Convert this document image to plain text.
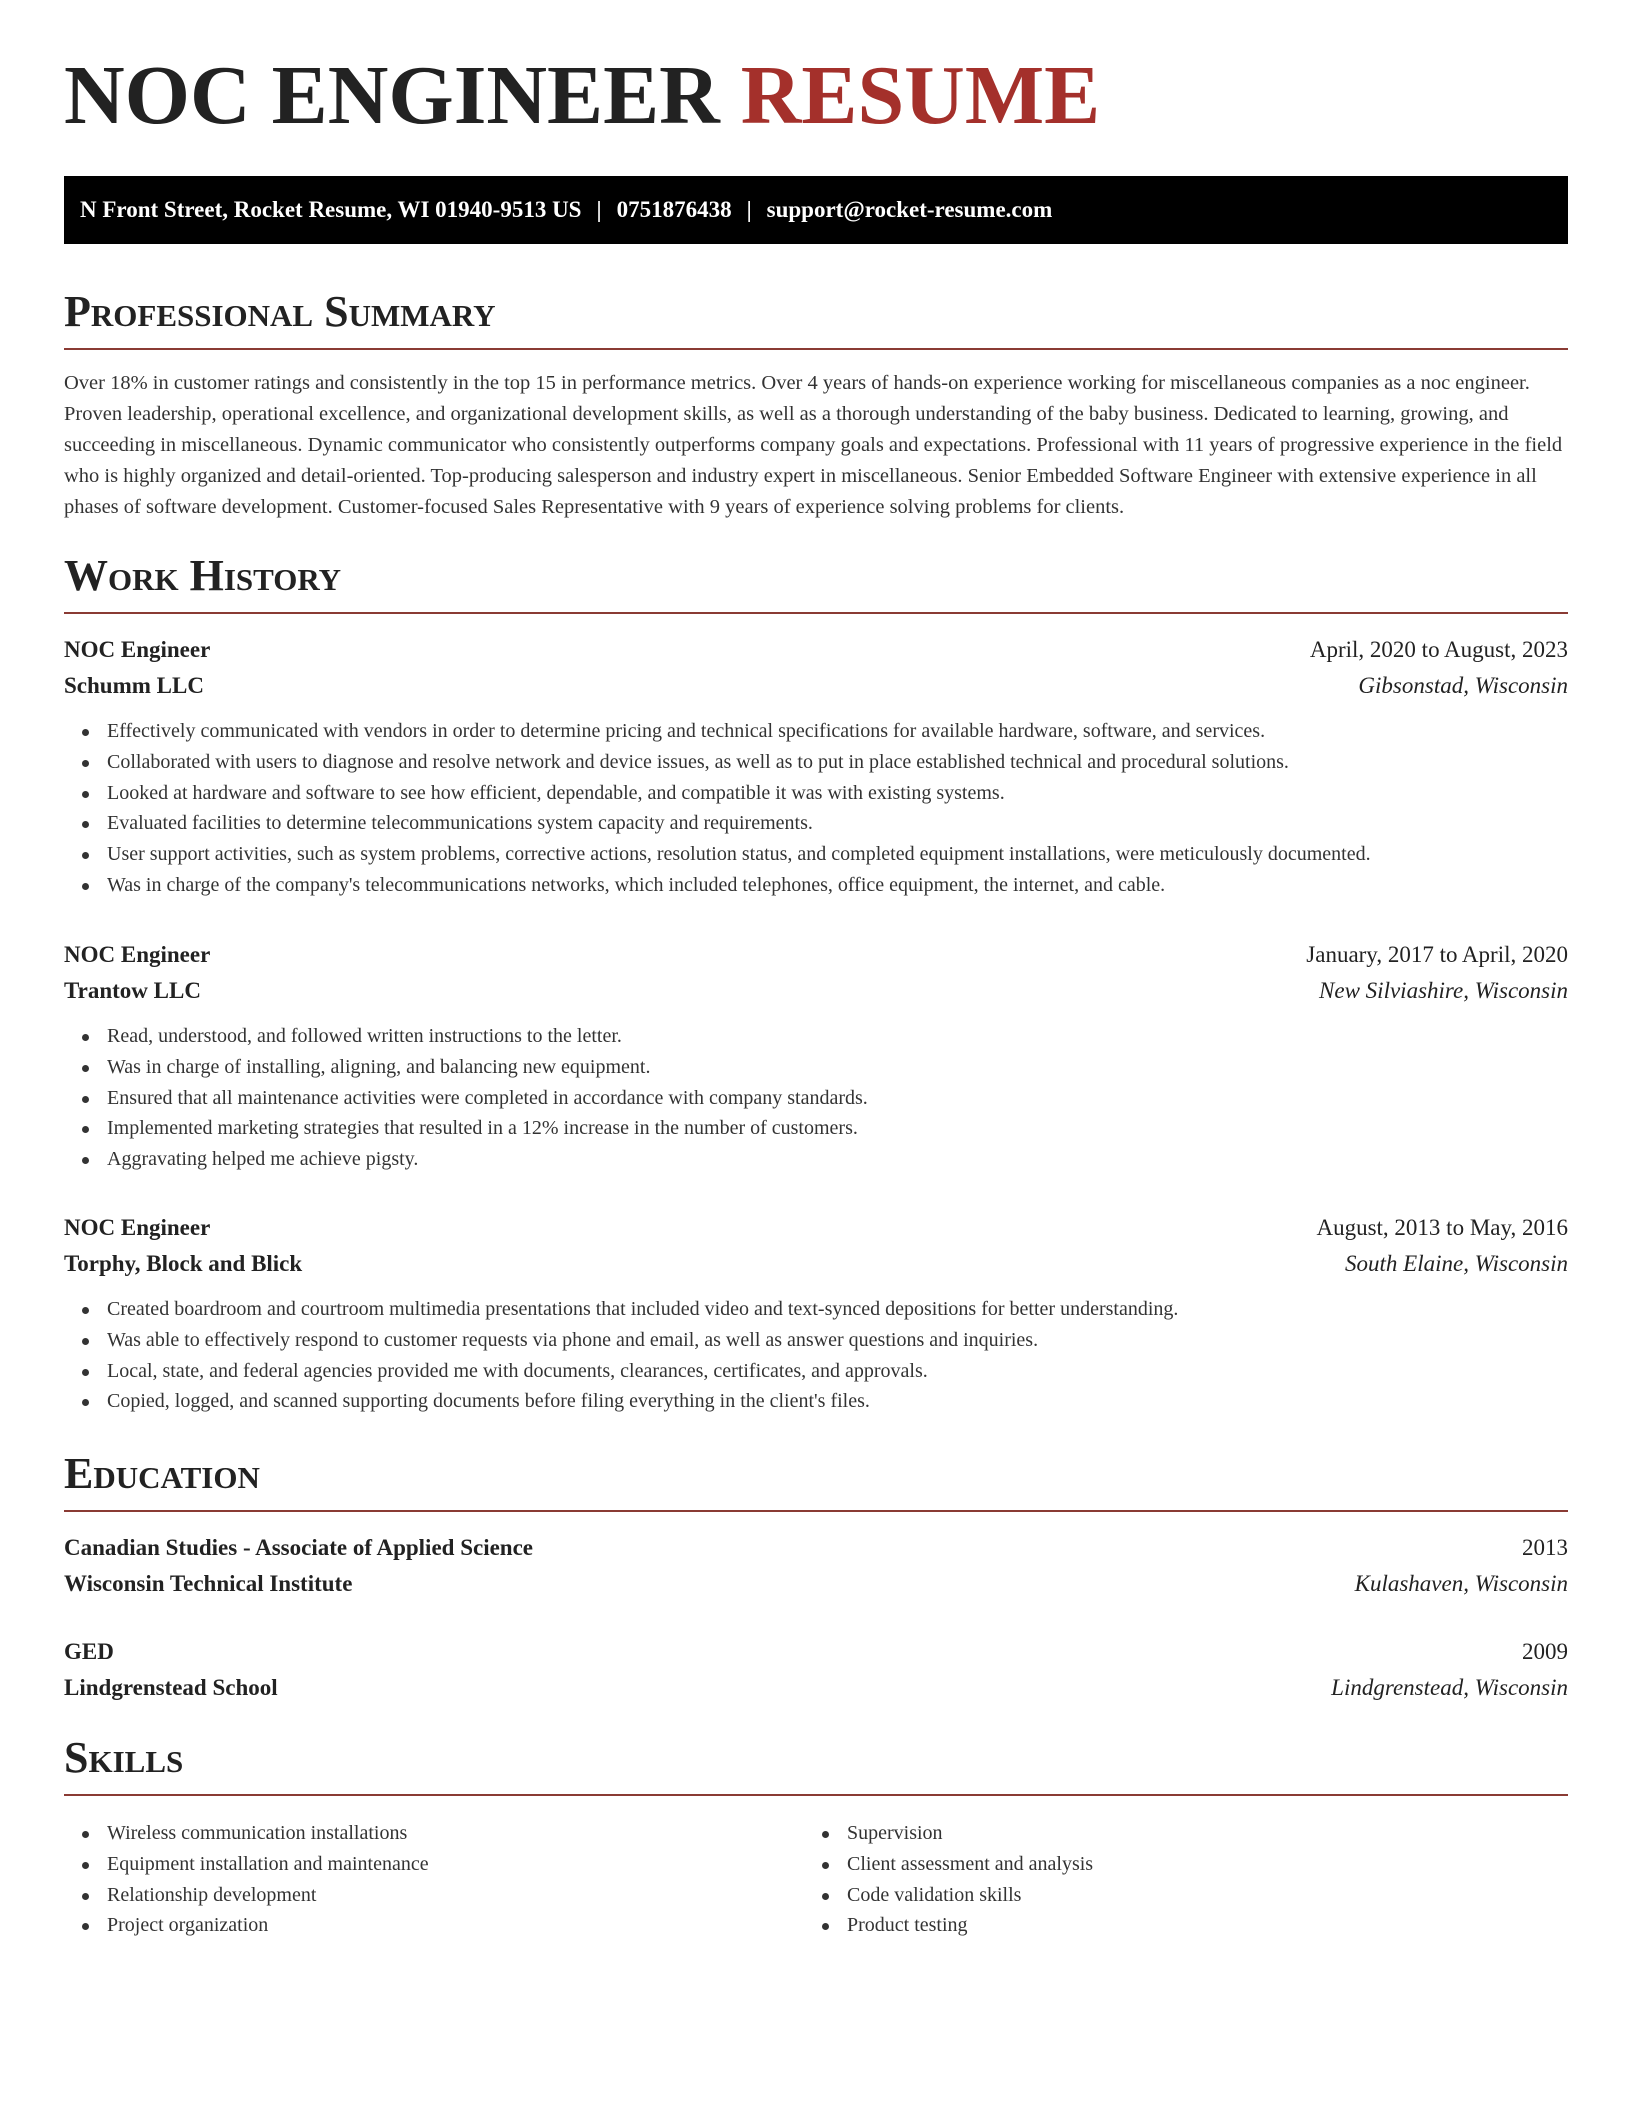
NOC ENGINEER RESUME
N Front Street, Rocket Resume, WI 01940-9513 US | 0751876438 | support@rocket-resume.com
Professional Summary

Over 18% in customer ratings and consistently in the top 15 in performance metrics. Over 4 years of hands-on experience working for miscellaneous companies as a noc engineer. Proven leadership, operational excellence, and organizational development skills, as well as a thorough understanding of the baby business. Dedicated to learning, growing, and succeeding in miscellaneous. Dynamic communicator who consistently outperforms company goals and expectations. Professional with 11 years of progressive experience in the field who is highly organized and detail-oriented. Top-producing salesperson and industry expert in miscellaneous. Senior Embedded Software Engineer with extensive experience in all phases of software development. Customer-focused Sales Representative with 9 years of experience solving problems for clients.

Work History
NOC Engineer	April, 2020 to August, 2023
Schumm LLC	Gibsonstad, Wisconsin
Effectively communicated with vendors in order to determine pricing and technical specifications for available hardware, software, and services.
Collaborated with users to diagnose and resolve network and device issues, as well as to put in place established technical and procedural solutions.
Looked at hardware and software to see how efficient, dependable, and compatible it was with existing systems.
Evaluated facilities to determine telecommunications system capacity and requirements.
User support activities, such as system problems, corrective actions, resolution status, and completed equipment installations, were meticulously documented.
Was in charge of the company's telecommunications networks, which included telephones, office equipment, the internet, and cable.
NOC Engineer	January, 2017 to April, 2020
Trantow LLC	New Silviashire, Wisconsin
Read, understood, and followed written instructions to the letter.
Was in charge of installing, aligning, and balancing new equipment.
Ensured that all maintenance activities were completed in accordance with company standards.
Implemented marketing strategies that resulted in a 12% increase in the number of customers.
Aggravating helped me achieve pigsty.
NOC Engineer	August, 2013 to May, 2016
Torphy, Block and Blick	South Elaine, Wisconsin
Created boardroom and courtroom multimedia presentations that included video and text-synced depositions for better understanding.
Was able to effectively respond to customer requests via phone and email, as well as answer questions and inquiries.
Local, state, and federal agencies provided me with documents, clearances, certificates, and approvals.
Copied, logged, and scanned supporting documents before filing everything in the client's files.
Education
Canadian Studies - Associate of Applied Science	2013
Wisconsin Technical Institute	Kulashaven, Wisconsin
GED	2009
Lindgrenstead School	Lindgrenstead, Wisconsin
Skills
Wireless communication installations
Equipment installation and maintenance
Relationship development
Project organization
Supervision
Client assessment and analysis
Code validation skills
Product testing
